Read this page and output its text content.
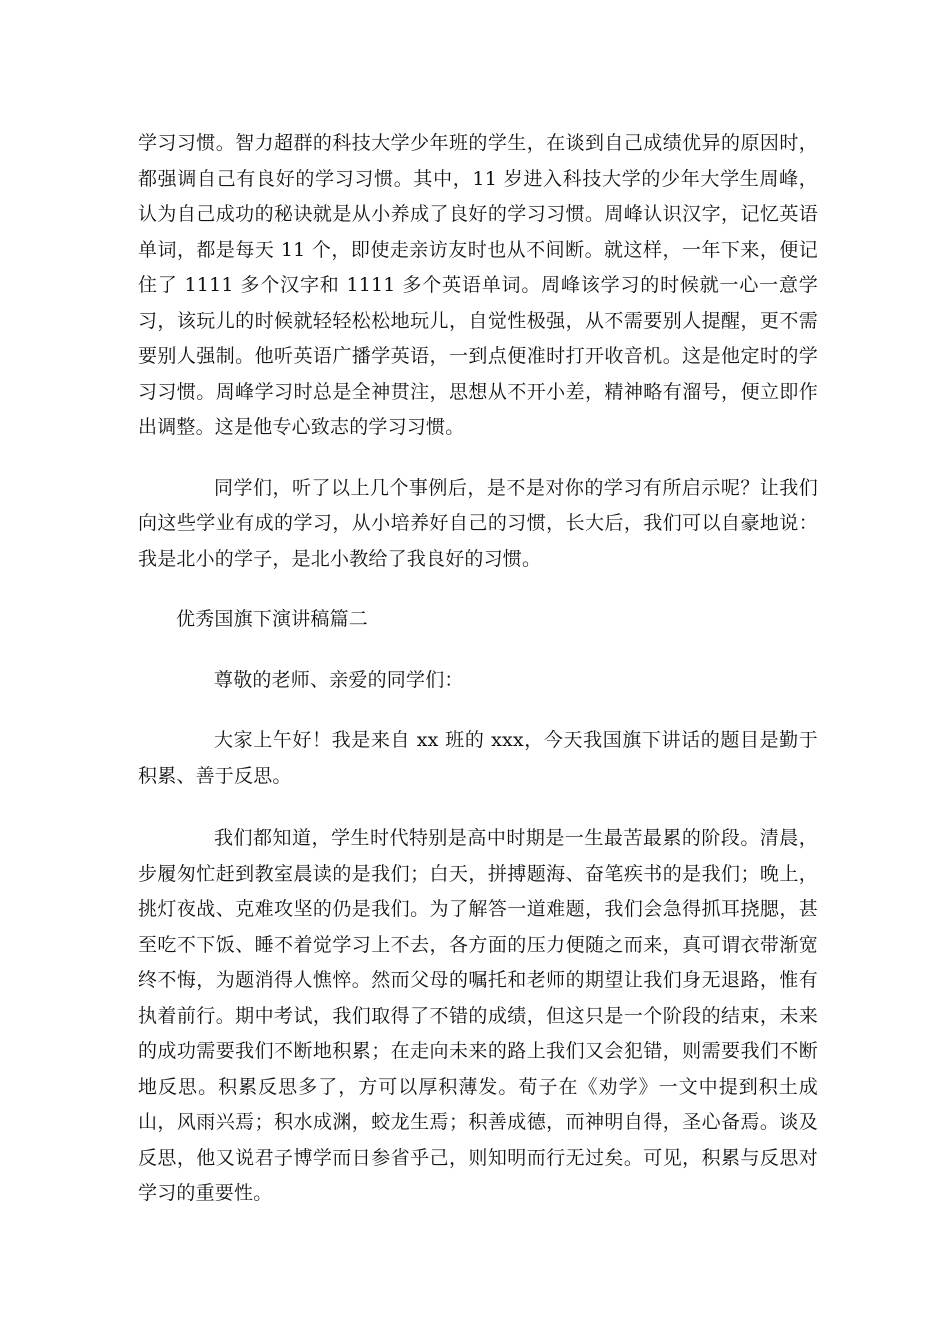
学习习惯。智力超群的科技大学少年班的学生，在谈到自己成绩优异的原因时，都强调自己有良好的学习习惯。其中，11 岁进入科技大学的少年大学生周峰，认为自己成功的秘诀就是从小养成了良好的学习习惯。周峰认识汉字，记忆英语单词，都是每天 11 个，即使走亲访友时也从不间断。就这样，一年下来，便记住了 1111 多个汉字和 1111 多个英语单词。周峰该学习的时候就一心一意学习，该玩儿的时候就轻轻松松地玩儿，自觉性极强，从不需要别人提醒，更不需要别人强制。他听英语广播学英语，一到点便准时打开收音机。这是他定时的学习习惯。周峰学习时总是全神贯注，思想从不开小差，精神略有溜号，便立即作出调整。这是他专心致志的学习习惯。

同学们，听了以上几个事例后，是不是对你的学习有所启示呢？让我们向这些学业有成的学习，从小培养好自己的习惯，长大后，我们可以自豪地说：我是北小的学子，是北小教给了我良好的习惯。

优秀国旗下演讲稿篇二

尊敬的老师、亲爱的同学们：

大家上午好！我是来自 xx 班的 xxx，今天我国旗下讲话的题目是勤于积累、善于反思。

我们都知道，学生时代特别是高中时期是一生最苦最累的阶段。清晨，步履匆忙赶到教室晨读的是我们；白天，拼搏题海、奋笔疾书的是我们；晚上，挑灯夜战、克难攻坚的仍是我们。为了解答一道难题，我们会急得抓耳挠腮，甚至吃不下饭、睡不着觉学习上不去，各方面的压力便随之而来，真可谓衣带渐宽终不悔，为题消得人憔悴。然而父母的嘱托和老师的期望让我们身无退路，惟有执着前行。期中考试，我们取得了不错的成绩，但这只是一个阶段的结束，未来的成功需要我们不断地积累；在走向未来的路上我们又会犯错，则需要我们不断地反思。积累反思多了，方可以厚积薄发。荀子在《劝学》一文中提到积土成山，风雨兴焉；积水成渊，蛟龙生焉；积善成德，而神明自得，圣心备焉。谈及反思，他又说君子博学而日参省乎己，则知明而行无过矣。可见，积累与反思对学习的重要性。
